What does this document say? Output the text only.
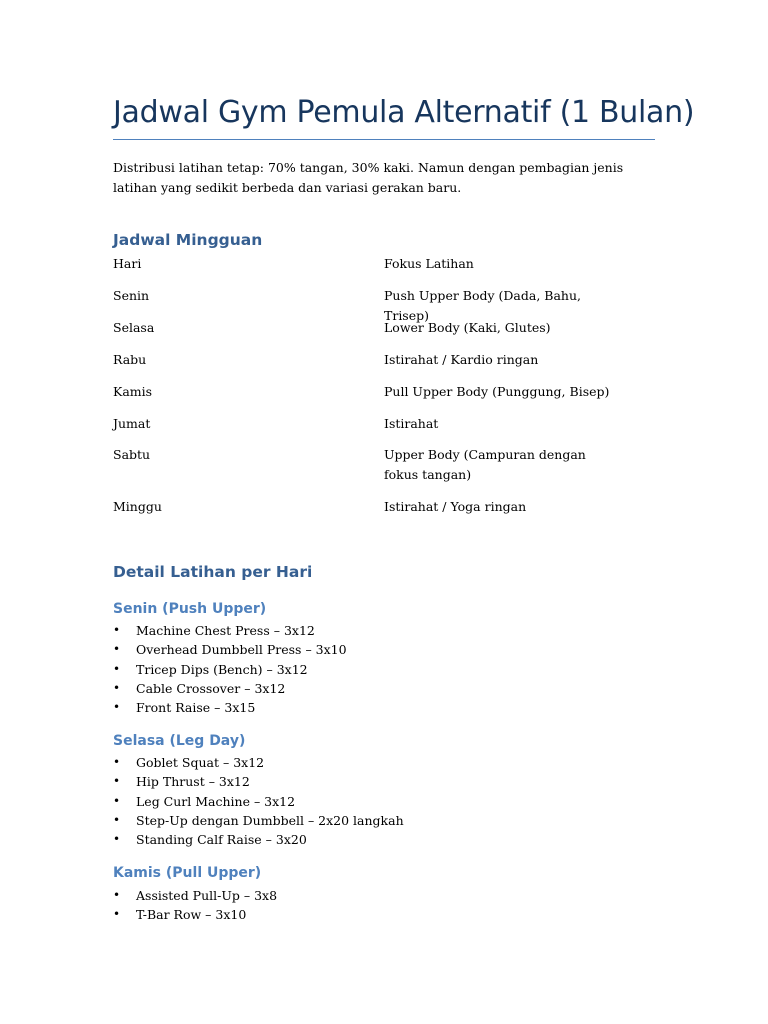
Jadwal Gym Pemula Alternatif (1 Bulan)

Distribusi latihan tetap: 70% tangan, 30% kaki. Namun dengan pembagian jenis latihan yang sedikit berbeda dan variasi gerakan baru.

Jadwal Mingguan
Hari	Fokus Latihan
Senin	Push Upper Body (Dada, Bahu, Trisep)
Selasa	Lower Body (Kaki, Glutes)
Rabu	Istirahat / Kardio ringan
Kamis	Pull Upper Body (Punggung, Bisep)
Jumat	Istirahat
Sabtu	Upper Body (Campuran dengan fokus tangan)
Minggu	Istirahat / Yoga ringan
Detail Latihan per Hari
Senin (Push Upper)
• Machine Chest Press – 3x12
• Overhead Dumbbell Press – 3x10
• Tricep Dips (Bench) – 3x12
• Cable Crossover – 3x12
• Front Raise – 3x15
Selasa (Leg Day)
• Goblet Squat – 3x12
• Hip Thrust – 3x12
• Leg Curl Machine – 3x12
• Step-Up dengan Dumbbell – 2x20 langkah
• Standing Calf Raise – 3x20
Kamis (Pull Upper)
• Assisted Pull-Up – 3x8
• T-Bar Row – 3x10
